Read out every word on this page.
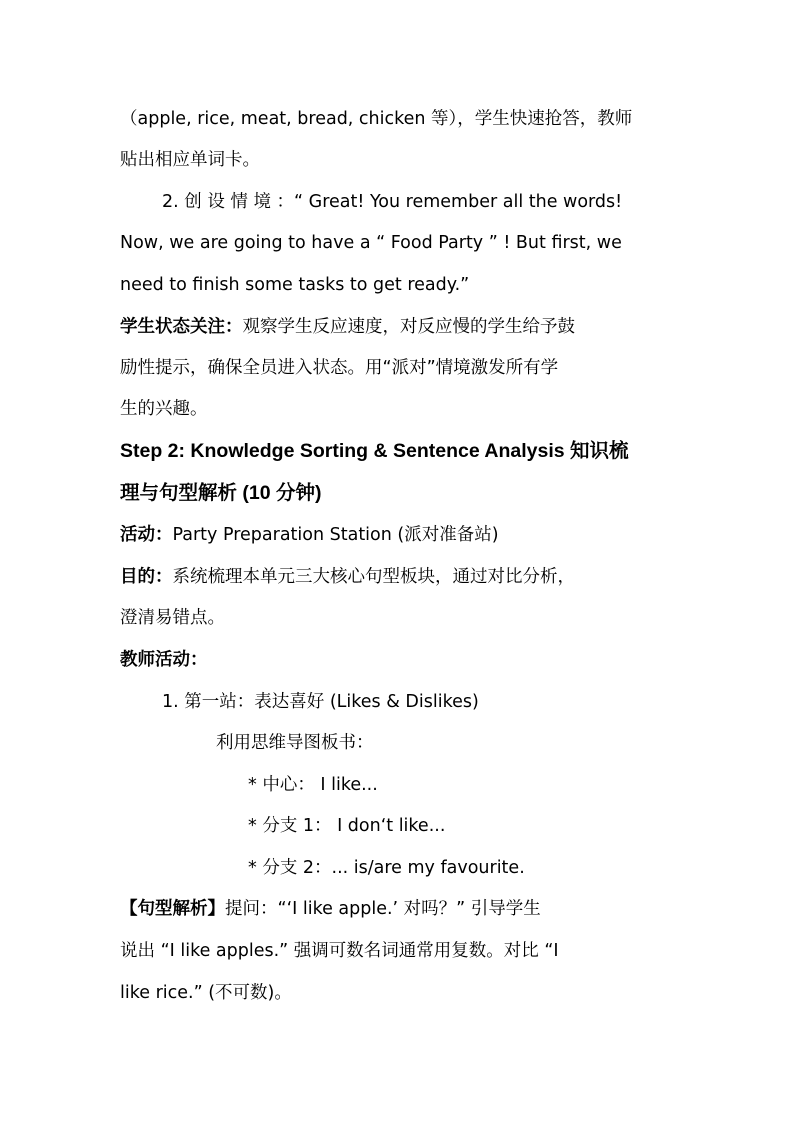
（apple, rice, meat, bread, chicken 等），学生快速抢答，教师
贴出相应单词卡。
2. 创 设 情 境 ：“ Great! You remember all the words!
Now, we are going to have a “ Food Party ” ! But first, we
need to finish some tasks to get ready.”
学生状态关注：观察学生反应速度，对反应慢的学生给予鼓
励性提示，确保全员进入状态。用“派对”情境激发所有学
生的兴趣。
Step 2: Knowledge Sorting & Sentence Analysis 知识梳
理与句型解析 (10 分钟)
活动：Party Preparation Station (派对准备站)
目的：系统梳理本单元三大核心句型板块，通过对比分析，
澄清易错点。
教师活动：
1. 第一站：表达喜好 (Likes & Dislikes)
利用思维导图板书：
* 中心： I like...
* 分支 1： I don‘t like...
* 分支 2：... is/are my favourite.
【句型解析】提问：“‘I like apple.’ 对吗？” 引导学生
说出 “I like apples.” 强调可数名词通常用复数。对比 “I
like rice.” (不可数)。
